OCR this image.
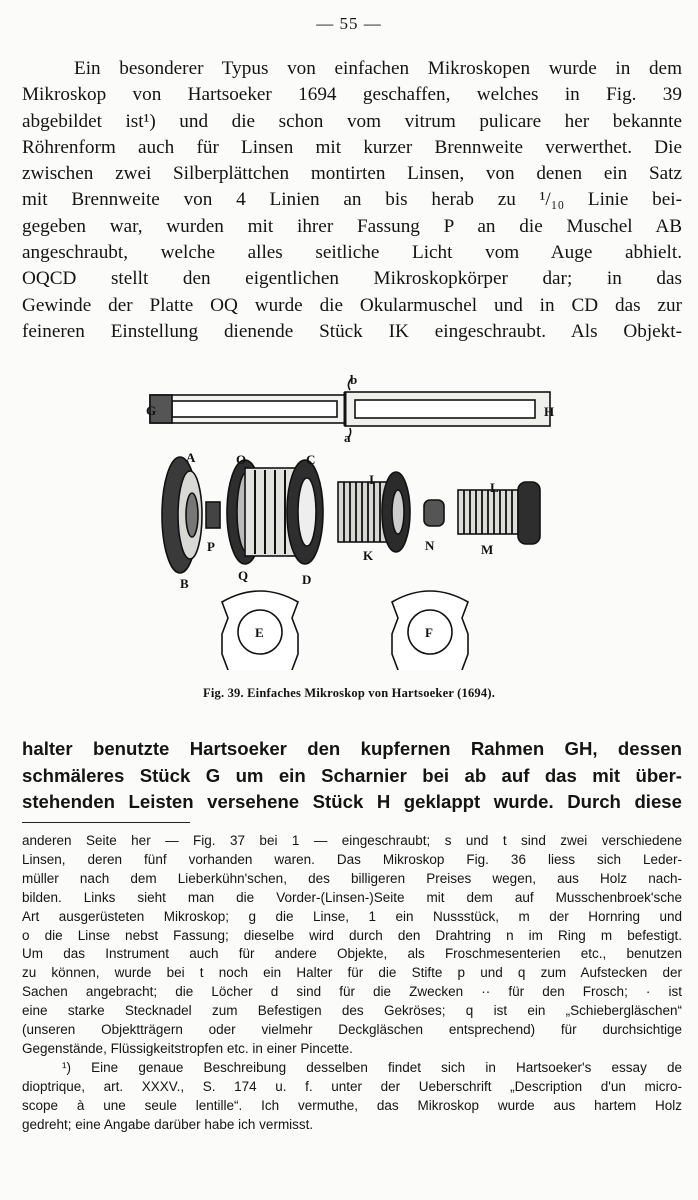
— 55 —
Ein besonderer Typus von einfachen Mikroskopen wurde in dem
Mikroskop von Hartsoeker 1694 geschaffen, welches in Fig. 39
abgebildet ist¹) und die schon vom vitrum pulicare her bekannte
Röhrenform auch für Linsen mit kurzer Brennweite verwerthet. Die
zwischen zwei Silberplättchen montirten Linsen, von denen ein Satz
mit Brennweite von 4 Linien an bis herab zu ¹/₁₀ Linie bei-
gegeben war, wurden mit ihrer Fassung P an die Muschel AB
angeschraubt, welche alles seitliche Licht vom Auge abhielt.
OQCD stellt den eigentlichen Mikroskopkörper dar; in das
Gewinde der Platte OQ wurde die Okularmuschel und in CD das zur
feineren Einstellung dienende Stück IK eingeschraubt. Als Objekt-
G	H
b
a
A
B
P
O
Q
C
D
I
K
N
L
M
E	F
Fig. 39. Einfaches Mikroskop von Hartsoeker (1694).
halter benutzte Hartsoeker den kupfernen Rahmen GH, dessen
schmäleres Stück G um ein Scharnier bei ab auf das mit über-
stehenden Leisten versehene Stück H geklappt wurde. Durch diese
anderen Seite her — Fig. 37 bei 1 — eingeschraubt; s und t sind zwei verschiedene
Linsen, deren fünf vorhanden waren. Das Mikroskop Fig. 36 liess sich Leder-
müller nach dem Lieberkühn'schen, des billigeren Preises wegen, aus Holz nach-
bilden. Links sieht man die Vorder-(Linsen-)Seite mit dem auf Musschenbroek'sche
Art ausgerüsteten Mikroskop; g die Linse, 1 ein Nussstück, m der Hornring und
o die Linse nebst Fassung; dieselbe wird durch den Drahtring n im Ring m befestigt.
Um das Instrument auch für andere Objekte, als Froschmesenterien etc., benutzen
zu können, wurde bei t noch ein Halter für die Stifte p und q zum Aufstecken der
Sachen angebracht; die Löcher d sind für die Zwecken ·· für den Frosch; · ist
eine starke Stecknadel zum Befestigen des Gekröses; q ist ein „Schiebergläschen“
(unseren Objektträgern oder vielmehr Deckgläschen entsprechend) für durchsichtige
Gegenstände, Flüssigkeitstropfen etc. in einer Pincette.
¹) Eine genaue Beschreibung desselben findet sich in Hartsoeker's essay de
dioptrique, art. XXXV., S. 174 u. f. unter der Ueberschrift „Description d'un micro-
scope à une seule lentille“. Ich vermuthe, das Mikroskop wurde aus hartem Holz
gedreht; eine Angabe darüber habe ich vermisst.
